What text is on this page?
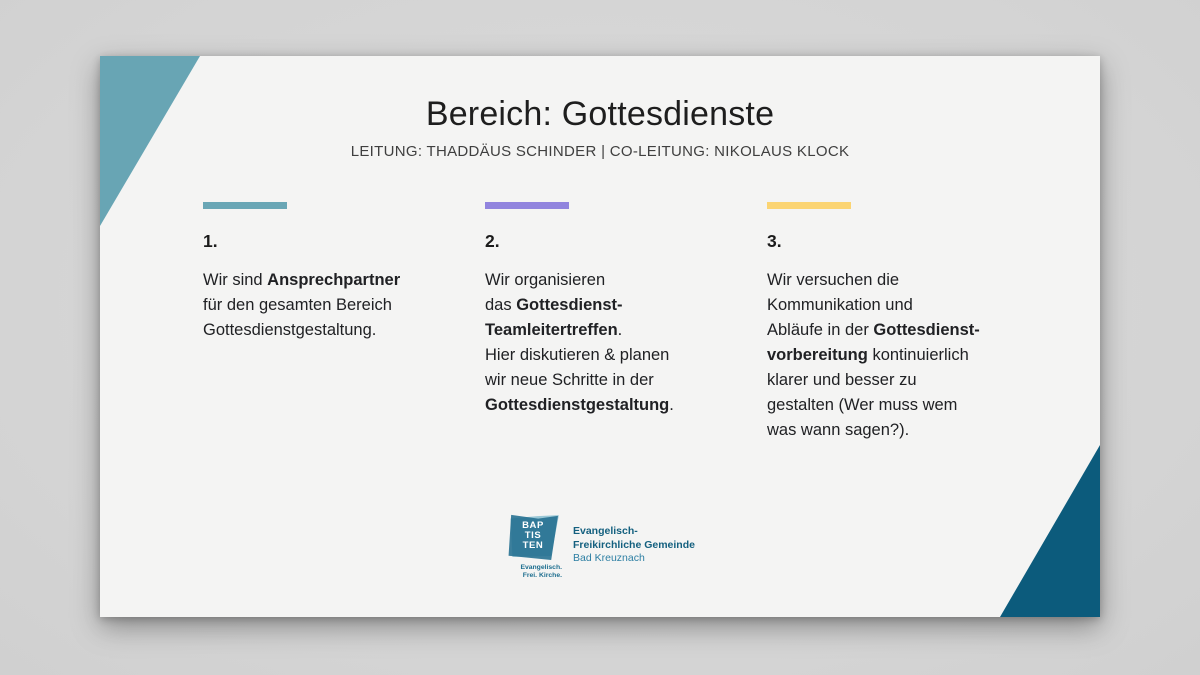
Bereich: Gottesdienste
LEITUNG: THADDÄUS SCHINDER | CO-LEITUNG: NIKOLAUS KLOCK
1.

Wir sind Ansprechpartner
für den gesamten Bereich
Gottesdienstgestaltung.

2.

Wir organisieren
das Gottesdienst-
Teamleitertreffen.
Hier diskutieren & planen
wir neue Schritte in der
Gottesdienstgestaltung.

3.

Wir versuchen die
Kommunikation und
Abläufe in der Gottesdienst-
vorbereitung kontinuierlich
klarer und besser zu
gestalten (Wer muss wem
was wann sagen?).

BAP
TIS
TEN
Evangelisch.
Frei. Kirche.
Evangelisch-
Freikirchliche Gemeinde
Bad Kreuznach
